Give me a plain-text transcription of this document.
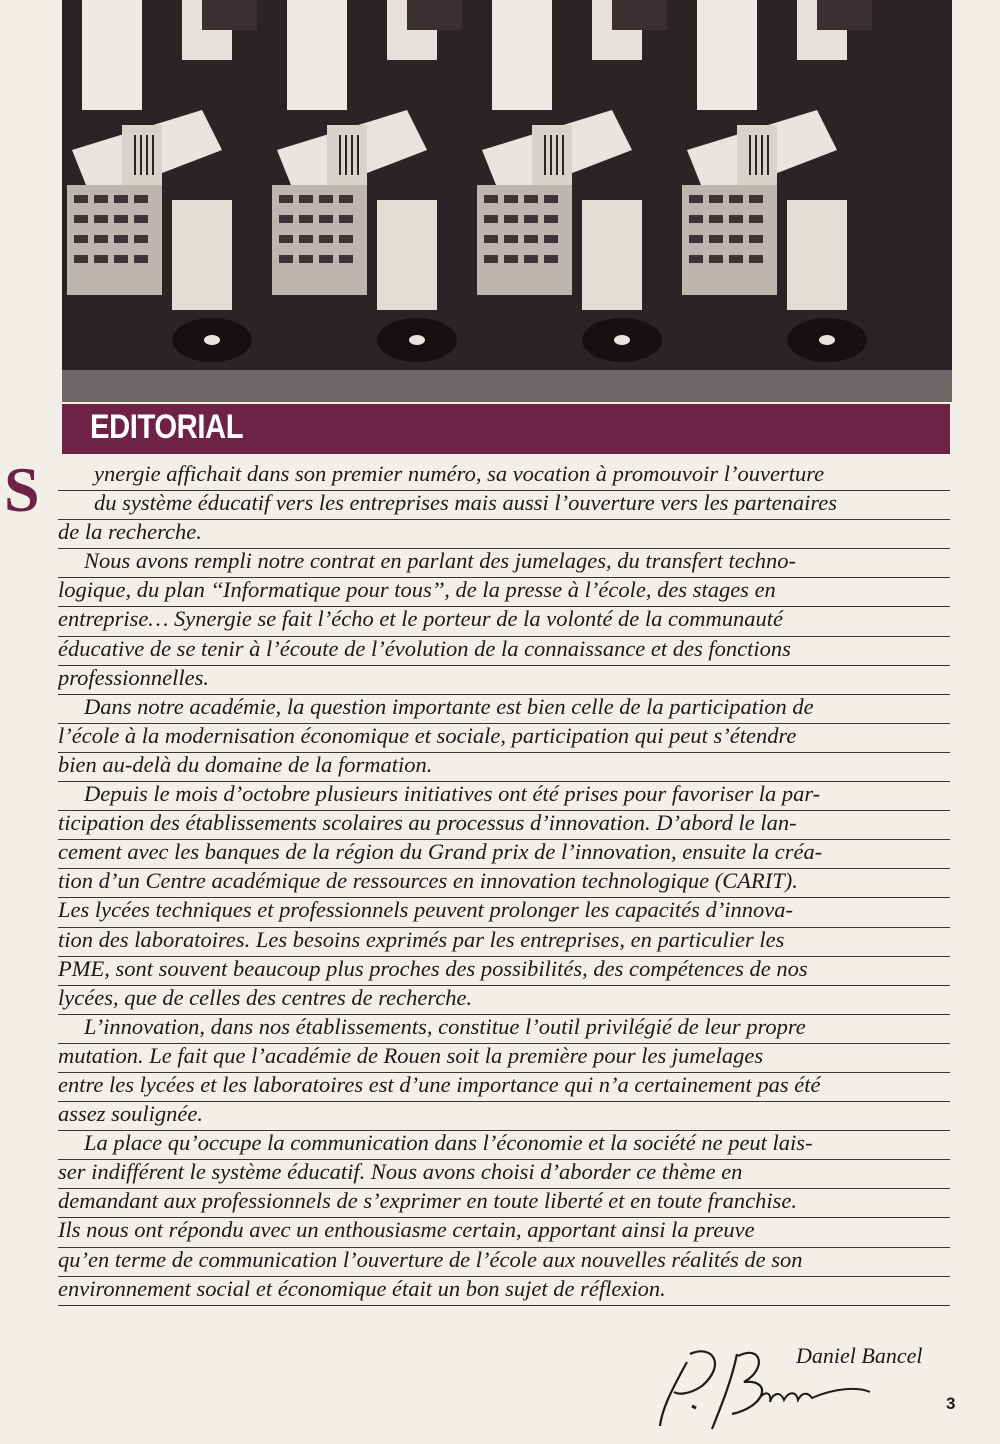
EDITORIAL
S	ynergie affichait dans son premier numéro, sa vocation à promouvoir l’ouverture
du système éducatif vers les entreprises mais aussi l’ouverture vers les partenaires
de la recherche.
Nous avons rempli notre contrat en parlant des jumelages, du transfert techno-
logique, du plan ‘‘Informatique pour tous’’, de la presse à l’école, des stages en
entreprise… Synergie se fait l’écho et le porteur de la volonté de la communauté
éducative de se tenir à l’écoute de l’évolution de la connaissance et des fonctions
professionnelles.
Dans notre académie, la question importante est bien celle de la participation de
l’école à la modernisation économique et sociale, participation qui peut s’étendre
bien au-delà du domaine de la formation.
Depuis le mois d’octobre plusieurs initiatives ont été prises pour favoriser la par-
ticipation des établissements scolaires au processus d’innovation. D’abord le lan-
cement avec les banques de la région du Grand prix de l’innovation, ensuite la créa-
tion d’un Centre académique de ressources en innovation technologique (CARIT).
Les lycées techniques et professionnels peuvent prolonger les capacités d’innova-
tion des laboratoires. Les besoins exprimés par les entreprises, en particulier les
PME, sont souvent beaucoup plus proches des possibilités, des compétences de nos
lycées, que de celles des centres de recherche.
L’innovation, dans nos établissements, constitue l’outil privilégié de leur propre
mutation. Le fait que l’académie de Rouen soit la première pour les jumelages
entre les lycées et les laboratoires est d’une importance qui n’a certainement pas été
assez soulignée.
La place qu’occupe la communication dans l’économie et la société ne peut lais-
ser indifférent le système éducatif. Nous avons choisi d’aborder ce thème en
demandant aux professionnels de s’exprimer en toute liberté et en toute franchise.
Ils nous ont répondu avec un enthousiasme certain, apportant ainsi la preuve
qu’en terme de communication l’ouverture de l’école aux nouvelles réalités de son
environnement social et économique était un bon sujet de réflexion.
Daniel Bancel
3
